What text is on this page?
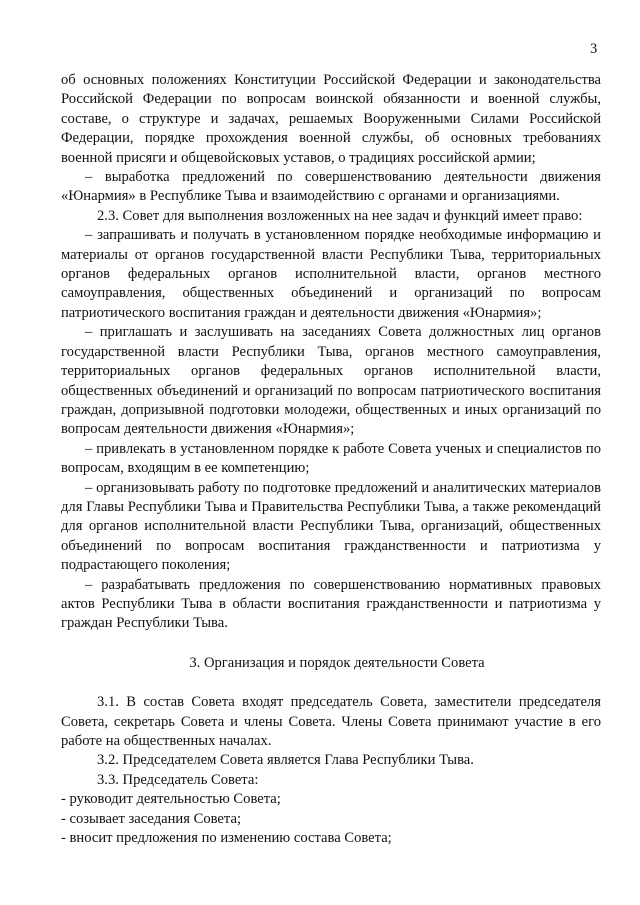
3

об основных положениях Конституции Российской Федерации и законодательства Российской Федерации по вопросам воинской обязанности и военной службы, составе, о структуре и задачах, решаемых Вооруженными Силами Российской Федерации, порядке прохождения военной службы, об основных требованиях военной присяги и общевойсковых уставов, о традициях российской армии;

– выработка предложений по совершенствованию деятельности движения «Юнармия» в Республике Тыва и взаимодействию с органами и организациями.

2.3. Совет для выполнения возложенных на нее задач и функций имеет право:

– запрашивать и получать в установленном порядке необходимые информацию и материалы от органов государственной власти Республики Тыва, территориальных органов федеральных органов исполнительной власти, органов местного самоуправления, общественных объединений и организаций по вопросам патриотического воспитания граждан и деятельности движения «Юнармия»;

– приглашать и заслушивать на заседаниях Совета должностных лиц органов государственной власти Республики Тыва, органов местного самоуправления, территориальных органов федеральных органов исполнительной власти, общественных объединений и организаций по вопросам патриотического воспитания граждан, допризывной подготовки молодежи, общественных и иных организаций по вопросам деятельности движения «Юнармия»;

– привлекать в установленном порядке к работе Совета ученых и специалистов по вопросам, входящим в ее компетенцию;

– организовывать работу по подготовке предложений и аналитических материалов для Главы Республики Тыва и Правительства Республики Тыва, а также рекомендаций для органов исполнительной власти Республики Тыва, организаций, общественных объединений по вопросам воспитания гражданственности и патриотизма у подрастающего поколения;

– разрабатывать предложения по совершенствованию нормативных правовых актов Республики Тыва в области воспитания гражданственности и патриотизма у граждан Республики Тыва.

3. Организация и порядок деятельности Совета

3.1. В состав Совета входят председатель Совета, заместители председателя Совета, секретарь Совета и члены Совета. Члены Совета принимают участие в его работе на общественных началах.

3.2. Председателем Совета является Глава Республики Тыва.

3.3. Председатель Совета:

- руководит деятельностью Совета;

- созывает заседания Совета;

- вносит предложения по изменению состава Совета;
